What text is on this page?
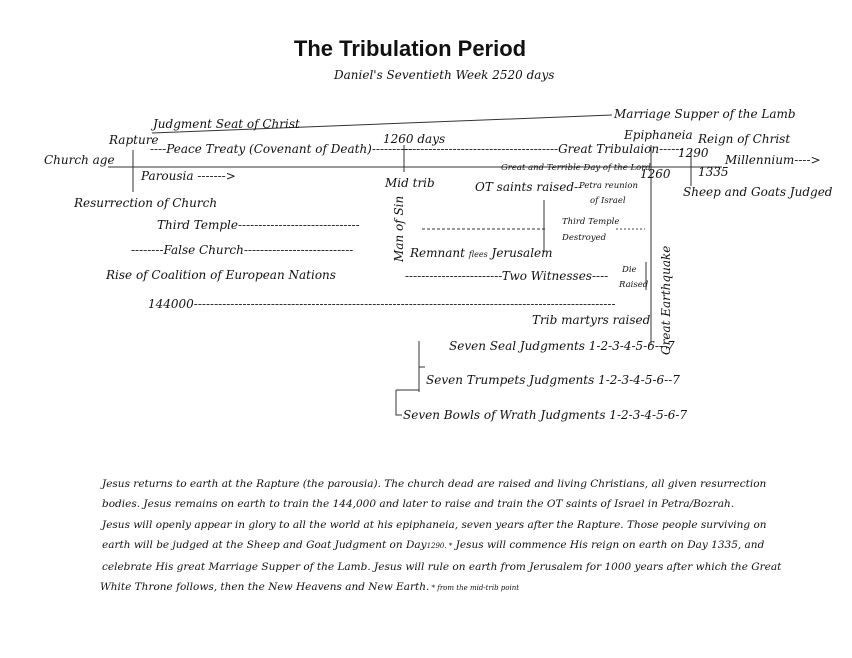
The Tribulation Period
Daniel's Seventieth Week 2520 days
Marriage Supper of the Lamb
Judgment Seat of Christ
Rapture	1260 days	Epiphaneia Reign of Christ
----Peace Treaty (Covenant of Death)----------
--------------------------------------Great Tribulaion------
1290
Church age	Millennium---->
Great and Terrible Day of the Lord	1335
Parousia ------->	1260
Mid trib	OT saints raised--
Petra reunion
of Israel
Sheep and Goats Judged
Resurrection of Church
Third Temple------------------------------	Third Temple
Destroyed
--------False Church---------------------------	Remnant flees Jerusalem
Man of Sin
Rise of Coalition of European Nations	------------------------Two Witnesses---- Die
Raised Great Earthquake
144000--------------------------------------------------------------------------------------------------------
Trib martyrs raised
Seven Seal Judgments 1-2-3-4-5-6---7
Seven Trumpets Judgments 1-2-3-4-5-6--7
Seven Bowls of Wrath Judgments 1-2-3-4-5-6-7
Jesus returns to earth at the Rapture (the parousia). The church dead are raised and living Christians, all given resurrection
bodies. Jesus remains on earth to train the 144,000 and later to raise and train the OT saints of Israel in Petra/Bozrah.
Jesus will openly appear in glory to all the world at his epiphaneia, seven years after the Rapture. Those people surviving on
earth will be judged at the Sheep and Goat Judgment on Day1290. * Jesus will commence His reign on earth on Day 1335, and
celebrate His great Marriage Supper of the Lamb. Jesus will rule on earth from Jerusalem for 1000 years after which the Great
White Throne follows, then the New Heavens and New Earth. * from the mid-trib point
